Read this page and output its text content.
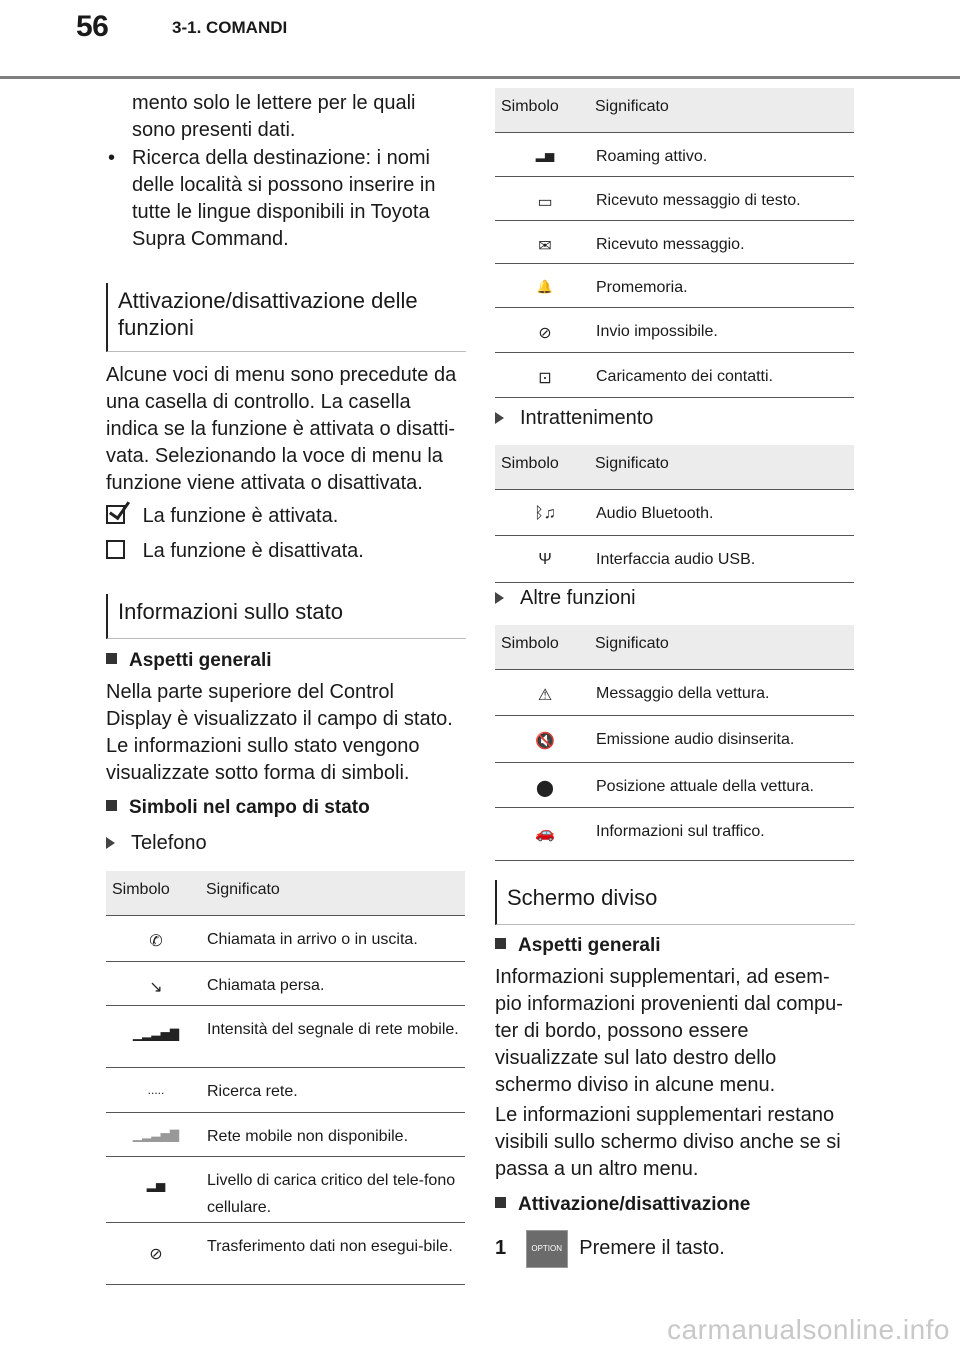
56	3-1. COMANDI
mento solo le lettere per le quali sono presenti dati.
• Ricerca della destinazione: i nomi delle località si possono inserire in tutte le lingue disponibili in Toyota Supra Command.
Attivazione/disattivazione delle funzioni
Alcune voci di menu sono precedute da una casella di controllo. La casella indica se la funzione è attivata o disatti-vata. Selezionando la voce di menu la funzione viene attivata o disattivata.
La funzione è attivata.
La funzione è disattivata.
Informazioni sullo stato
Aspetti generali
Nella parte superiore del Control Display è visualizzato il campo di stato. Le informazioni sullo stato vengono visualizzate sotto forma di simboli.
Simboli nel campo di stato
Telefono
Simbolo	Significato
✆	Chiamata in arrivo o in uscita.
↘	Chiamata persa.
▁▂▃▅▇	Intensità del segnale di rete mobile.
.....	Ricerca rete.
▁▂▃▅▇	Rete mobile non disponibile.
▂▅	Livello di carica critico del tele-fono cellulare.
⊘	Trasferimento dati non esegui-bile.
Simbolo	Significato
▂▅	Roaming attivo.
▭	Ricevuto messaggio di testo.
✉	Ricevuto messaggio.
🔔	Promemoria.
⊘	Invio impossibile.
⊡	Caricamento dei contatti.
Intrattenimento
Simbolo	Significato
ᛒ♫	Audio Bluetooth.
Ψ	Interfaccia audio USB.
Altre funzioni
Simbolo	Significato
⚠	Messaggio della vettura.
🔇	Emissione audio disinserita.
⬤	Posizione attuale della vettura.
🚗	Informazioni sul traffico.
Schermo diviso
Aspetti generali
Informazioni supplementari, ad esem-pio informazioni provenienti dal compu-ter di bordo, possono essere visualizzate sul lato destro dello schermo diviso in alcune menu.
Le informazioni supplementari restano visibili sullo schermo diviso anche se si passa a un altro menu.
Attivazione/disattivazione
1	OPTION Premere il tasto.
carmanualsonline.info
